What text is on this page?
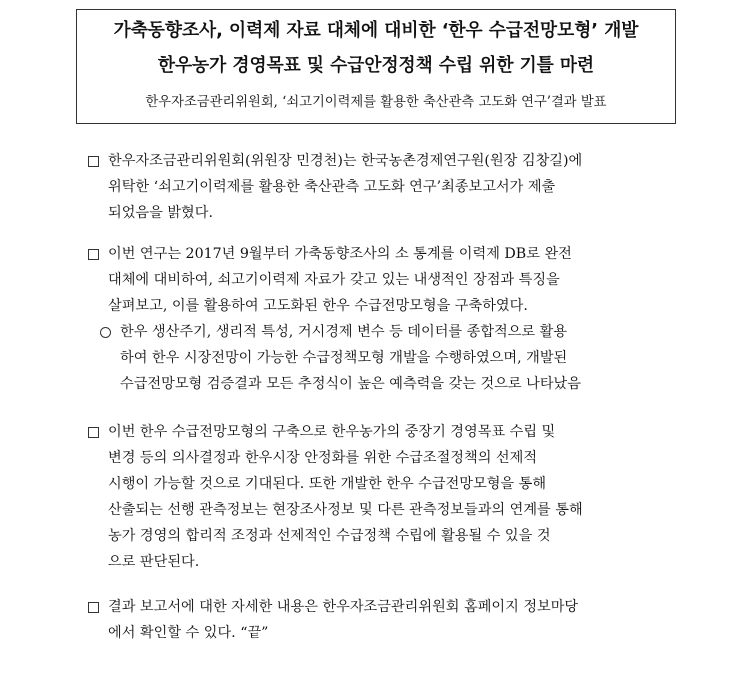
가축동향조사, 이력제 자료 대체에 대비한 ‘한우 수급전망모형’ 개발
한우농가 경영목표 및 수급안정정책 수립 위한 기틀 마련
한우자조금관리위원회, ‘쇠고기이력제를 활용한 축산관측 고도화 연구’결과 발표
한우자조금관리위원회(위원장 민경천)는 한국농촌경제연구원(원장 김창길)에
위탁한 ‘쇠고기이력제를 활용한 축산관측 고도화 연구’최종보고서가 제출
되었음을 밝혔다.
이번 연구는 2017년 9월부터 가축동향조사의 소 통계를 이력제 DB로 완전
대체에 대비하여, 쇠고기이력제 자료가 갖고 있는 내생적인 장점과 특징을
살펴보고, 이를 활용하여 고도화된 한우 수급전망모형을 구축하였다.
한우 생산주기, 생리적 특성, 거시경제 변수 등 데이터를 종합적으로 활용
하여 한우 시장전망이 가능한 수급정책모형 개발을 수행하였으며, 개발된
수급전망모형 검증결과 모든 추정식이 높은 예측력을 갖는 것으로 나타났음
이번 한우 수급전망모형의 구축으로 한우농가의 중장기 경영목표 수립 및
변경 등의 의사결정과 한우시장 안정화를 위한 수급조절정책의 선제적
시행이 가능할 것으로 기대된다. 또한 개발한 한우 수급전망모형을 통해
산출되는 선행 관측정보는 현장조사정보 및 다른 관측정보들과의 연계를 통해
농가 경영의 합리적 조정과 선제적인 수급정책 수립에 활용될 수 있을 것
으로 판단된다.
결과 보고서에 대한 자세한 내용은 한우자조금관리위원회 홈페이지 정보마당
에서 확인할 수 있다. “끝”
